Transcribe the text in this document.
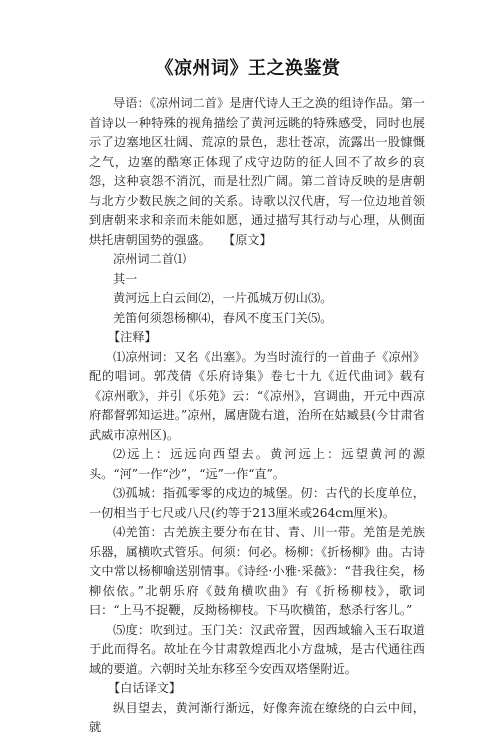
《凉州词》王之涣鉴赏

导语：《凉州词二首》是唐代诗人王之涣的组诗作品。第一首诗以一种特殊的视角描绘了黄河远眺的特殊感受，同时也展示了边塞地区壮阔、荒凉的景色，悲壮苍凉，流露出一股慷慨之气，边塞的酷寒正体现了戍守边防的征人回不了故乡的哀怨，这种哀怨不消沉，而是壮烈广阔。第二首诗反映的是唐朝与北方少数民族之间的关系。诗歌以汉代唐，写一位边地首领到唐朝来求和亲而未能如愿，通过描写其行动与心理，从侧面烘托唐朝国势的强盛。　　 【原文】

凉州词二首⑴

其一

黄河远上白云间⑵，一片孤城万仞山⑶。

羌笛何须怨杨柳⑷，春风不度玉门关⑸。

【注释】

⑴凉州词：又名《出塞》。为当时流行的一首曲子《凉州》配的唱词。郭茂倩《乐府诗集》卷七十九《近代曲词》载有《凉州歌》，并引《乐苑》云：“《凉州》，宫调曲，开元中西凉府都督郭知运进。”凉州，属唐陇右道，治所在姑臧县(今甘肃省武威市凉州区)。

⑵远上：远远向西望去。黄河远上：远望黄河的源头。“河”一作“沙”，“远”一作“直”。

⑶孤城：指孤零零的戍边的城堡。仞：古代的长度单位，一仞相当于七尺或八尺(约等于213厘米或264cm厘米)。

⑷羌笛：古羌族主要分布在甘、青、川一带。羌笛是羌族乐器，属横吹式管乐。何须：何必。杨柳：《折杨柳》曲。古诗文中常以杨柳喻送别情事。《诗经·小雅·采薇》：“昔我往矣，杨柳依依。”北朝乐府《鼓角横吹曲》有《折杨柳枝》，歌词曰：“上马不捉鞭，反拗杨柳枝。下马吹横笛，愁杀行客儿。”

⑸度：吹到过。玉门关：汉武帝置，因西域输入玉石取道于此而得名。故址在今甘肃敦煌西北小方盘城，是古代通往西域的要道。六朝时关址东移至今安西双塔堡附近。

【白话译文】

纵目望去，黄河渐行渐远，好像奔流在缭绕的白云中间，就
